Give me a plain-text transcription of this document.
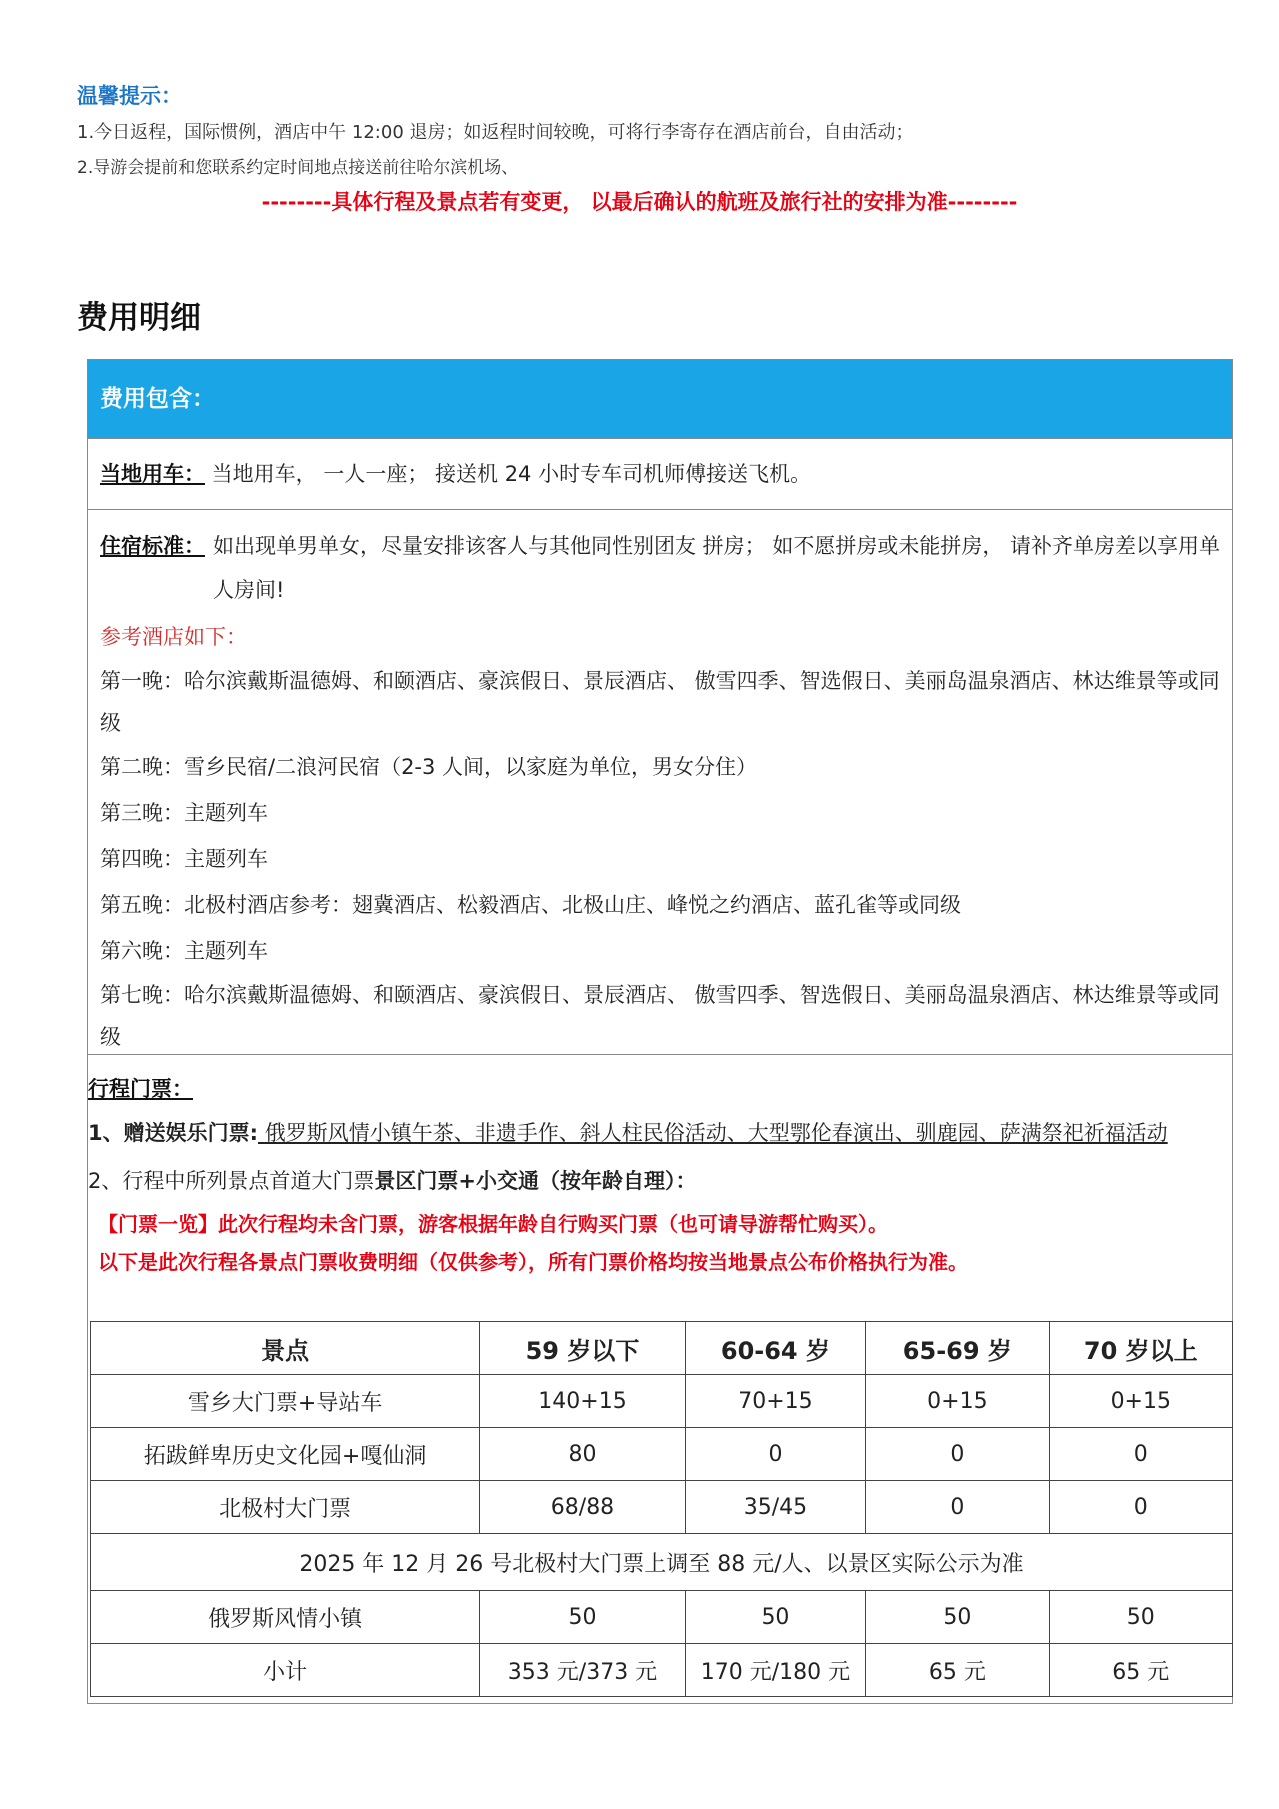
温馨提示：
1.今日返程，国际惯例，酒店中午 12:00 退房；如返程时间较晚，可将行李寄存在酒店前台，自由活动；
2.导游会提前和您联系约定时间地点接送前往哈尔滨机场、
--------具体行程及景点若有变更， 以最后确认的航班及旅行社的安排为准--------
费用明细
费用包含：
当地用车： 当地用车， 一人一座； 接送机 24 小时专车司机师傅接送飞机。
住宿标准： 如出现单男单女，尽量安排该客人与其他同性别团友 拼房； 如不愿拼房或未能拼房， 请补齐单房差以享用单人房间!
参考酒店如下：
第一晚：哈尔滨戴斯温德姆、和颐酒店、豪滨假日、景辰酒店、 傲雪四季、智选假日、美丽岛温泉酒店、林达维景等或同级
第二晚：雪乡民宿/二浪河民宿（2-3 人间，以家庭为单位，男女分住）
第三晚：主题列车
第四晚：主题列车
第五晚：北极村酒店参考：翅冀酒店、松毅酒店、北极山庄、峰悦之约酒店、蓝孔雀等或同级
第六晚：主题列车
第七晚：哈尔滨戴斯温德姆、和颐酒店、豪滨假日、景辰酒店、 傲雪四季、智选假日、美丽岛温泉酒店、林达维景等或同级
行程门票：
1、赠送娱乐门票: 俄罗斯风情小镇午茶、非遗手作、斜人柱民俗活动、大型鄂伦春演出、驯鹿园、萨满祭祀祈福活动
2、行程中所列景点首道大门票景区门票+小交通（按年龄自理）：
【门票一览】此次行程均未含门票，游客根据年龄自行购买门票（也可请导游帮忙购买）。
以下是此次行程各景点门票收费明细（仅供参考），所有门票价格均按当地景点公布价格执行为准。
景点	59 岁以下	60-64 岁	65-69 岁	70 岁以上
雪乡大门票+导站车	140+15	70+15	0+15	0+15
拓跋鲜卑历史文化园+嘎仙洞	80	0	0	0
北极村大门票	68/88	35/45	0	0
2025 年 12 月 26 号北极村大门票上调至 88 元/人、以景区实际公示为准				
俄罗斯风情小镇	50	50	50	50
小计	353 元/373 元	170 元/180 元	65 元	65 元
